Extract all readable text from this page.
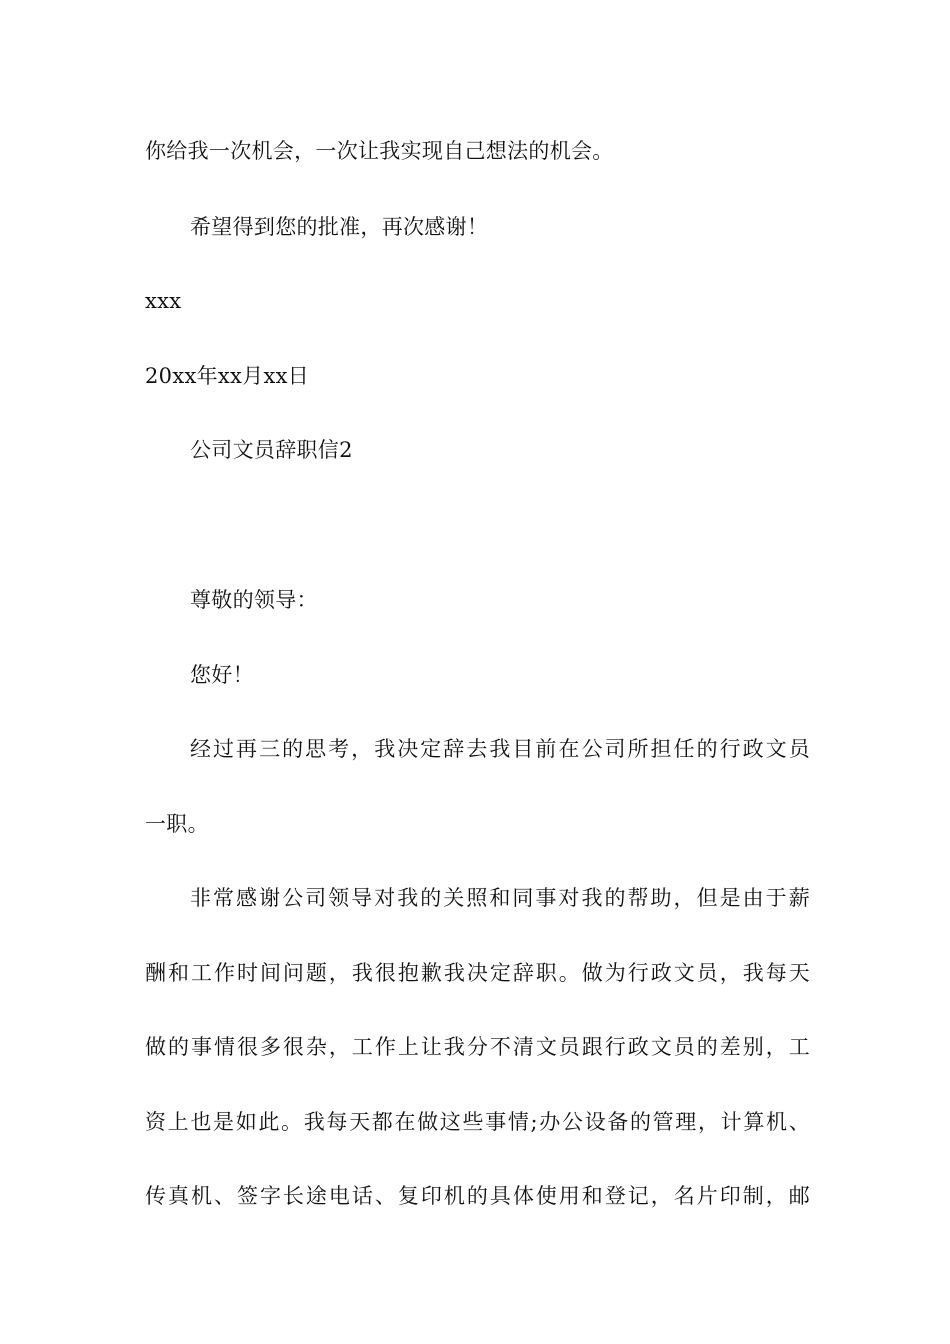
你给我一次机会，一次让我实现自己想法的机会。
希望得到您的批准，再次感谢！
xxx
20xx年xx月xx日
公司文员辞职信2
尊敬的领导：
您好！
经过再三的思考，我决定辞去我目前在公司所担任的行政文员
一职。
非常感谢公司领导对我的关照和同事对我的帮助，但是由于薪
酬和工作时间问题，我很抱歉我决定辞职。做为行政文员，我每天
做的事情很多很杂，工作上让我分不清文员跟行政文员的差别，工
资上也是如此。我每天都在做这些事情;办公设备的管理，计算机、
传真机、签字长途电话、复印机的具体使用和登记，名片印制，邮
